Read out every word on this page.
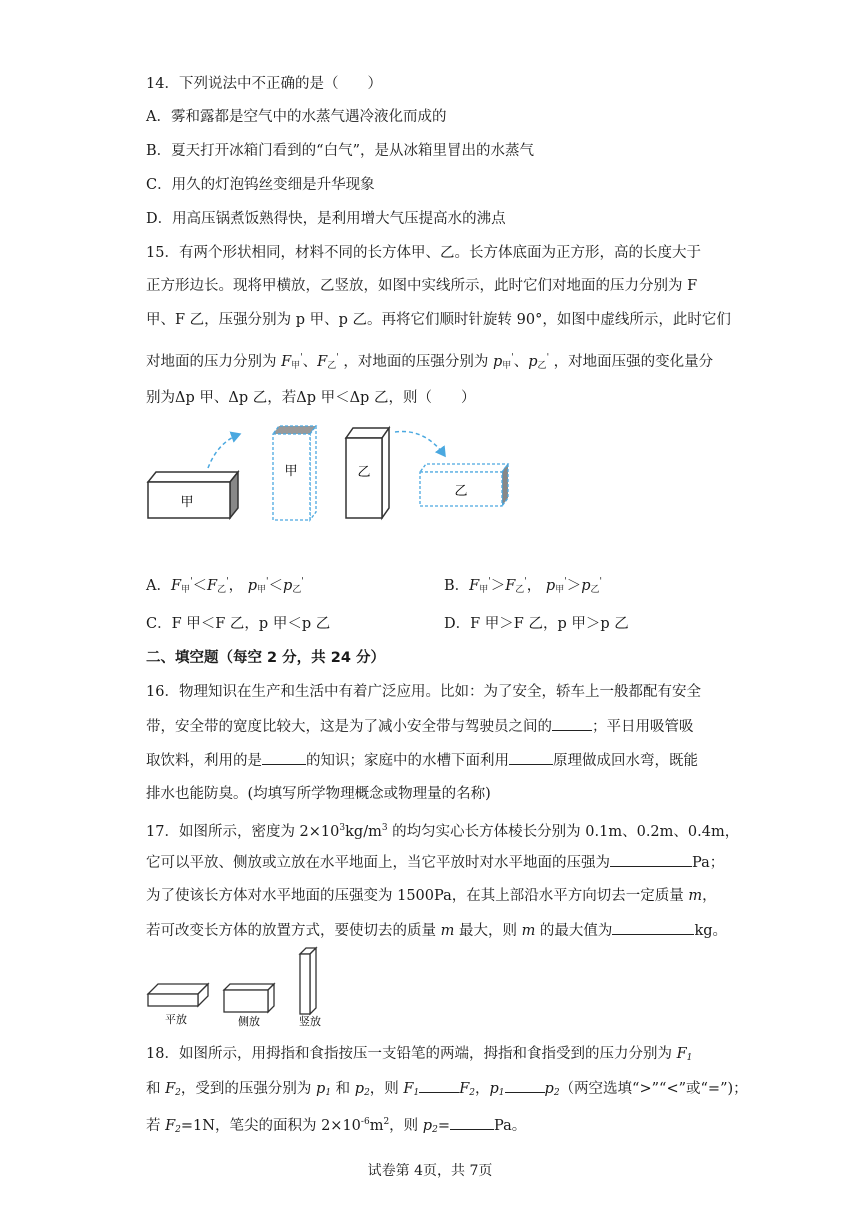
14．下列说法中不正确的是（　　）
A．雾和露都是空气中的水蒸气遇冷液化而成的
B．夏天打开冰箱门看到的“白气”，是从冰箱里冒出的水蒸气
C．用久的灯泡钨丝变细是升华现象
D．用高压锅煮饭熟得快，是利用增大气压提高水的沸点
15．有两个形状相同，材料不同的长方体甲、乙。长方体底面为正方形，高的长度大于
正方形边长。现将甲横放，乙竖放，如图中实线所示，此时它们对地面的压力分别为 F
甲、F 乙，压强分别为 p 甲、p 乙。再将它们顺时针旋转 90°，如图中虚线所示，此时它们
对地面的压力分别为 $F_甲'$、$F_乙'$ ，对地面的压强分别为 $p_甲'$、$p_乙'$ ，对地面压强的变化量分
别为Δp 甲、Δp 乙，若Δp 甲＜Δp 乙，则（　　）
甲
甲	乙
乙
A．$F_甲'<F_乙'$， $p_甲'<p_乙'$	B．$F_甲'>F_乙'$， $p_甲'>p_乙'$
C．F 甲＜F 乙，p 甲＜p 乙	D．F 甲＞F 乙，p 甲＞p 乙
二、填空题（每空 2 分，共 24 分）
16．物理知识在生产和生活中有着广泛应用。比如：为了安全，轿车上一般都配有安全
带，安全带的宽度比较大，这是为了减小安全带与驾驶员之间的	；平日用吸管吸
取饮料，利用的是	的知识；家庭中的水槽下面利用	原理做成回水弯，既能
排水也能防臭。(均填写所学物理概念或物理量的名称)
17．如图所示，密度为 $2\times 10^3kg/m^3$ 的均匀实心长方体棱长分别为 0.1m、0.2m、0.4m，
它可以平放、侧放或立放在水平地面上，当它平放时对水平地面的压强为	Pa；
为了使该长方体对水平地面的压强变为 1500Pa，在其上部沿水平方向切去一定质量 m，
若可改变长方体的放置方式，要使切去的质量 m 最大，则 m 的最大值为	kg。
平放	侧放	竖放
18．如图所示，用拇指和食指按压一支铅笔的两端，拇指和食指受到的压力分别为 $F_1$
和 $F_2$，受到的压强分别为 $p_1$ 和 $p_2$，则 $F_1$	$F_2$，$p_1$	$p_2$（两空选填“>”“<”或“=”)；
若 $F_2=1N$，笔尖的面积为 $2\times 10^{-6}m^2$，则 $p_2=$	Pa。
试卷第 4页，共 7页
